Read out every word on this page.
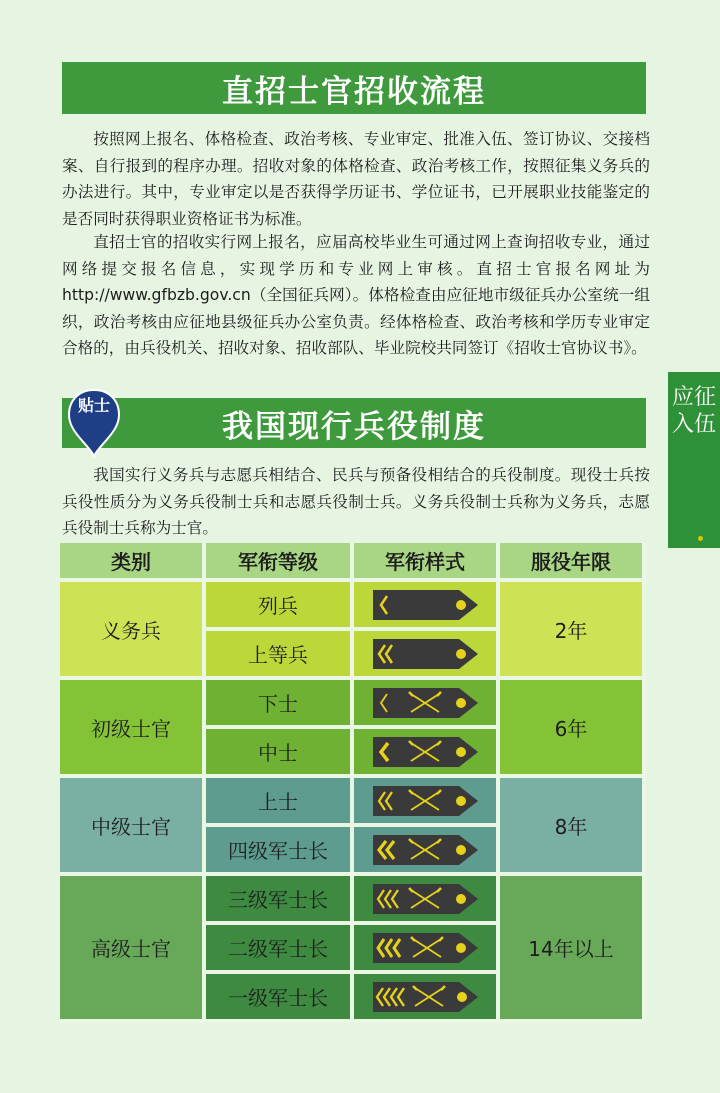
直招士官招收流程
按照网上报名、体格检查、政治考核、专业审定、批准入伍、签订协议、交接档案、自行报到的程序办理。招收对象的体格检查、政治考核工作，按照征集义务兵的办法进行。其中，专业审定以是否获得学历证书、学位证书，已开展职业技能鉴定的是否同时获得职业资格证书为标准。
直招士官的招收实行网上报名，应届高校毕业生可通过网上查询招收专业，通过网络提交报名信息，实现学历和专业网上审核。直招士官报名网址为http://www.gfbzb.gov.cn（全国征兵网）。体格检查由应征地市级征兵办公室统一组织，政治考核由应征地县级征兵办公室负责。经体格检查、政治考核和学历专业审定合格的，由兵役机关、招收对象、招收部队、毕业院校共同签订《招收士官协议书》。
我国现行兵役制度
贴士
我国实行义务兵与志愿兵相结合、民兵与预备役相结合的兵役制度。现役士兵按兵役性质分为义务兵役制士兵和志愿兵役制士兵。义务兵役制士兵称为义务兵，志愿兵役制士兵称为士官。
应征入伍
类别	军衔等级	军衔样式	服役年限
义务兵	列兵		2年
	上等兵	

初级士官	下士		6年
	中士	

中级士官	上士		8年
	四级军士长	

高级士官	三级军士长		14年以上
	二级军士长	

	一级军士长	
